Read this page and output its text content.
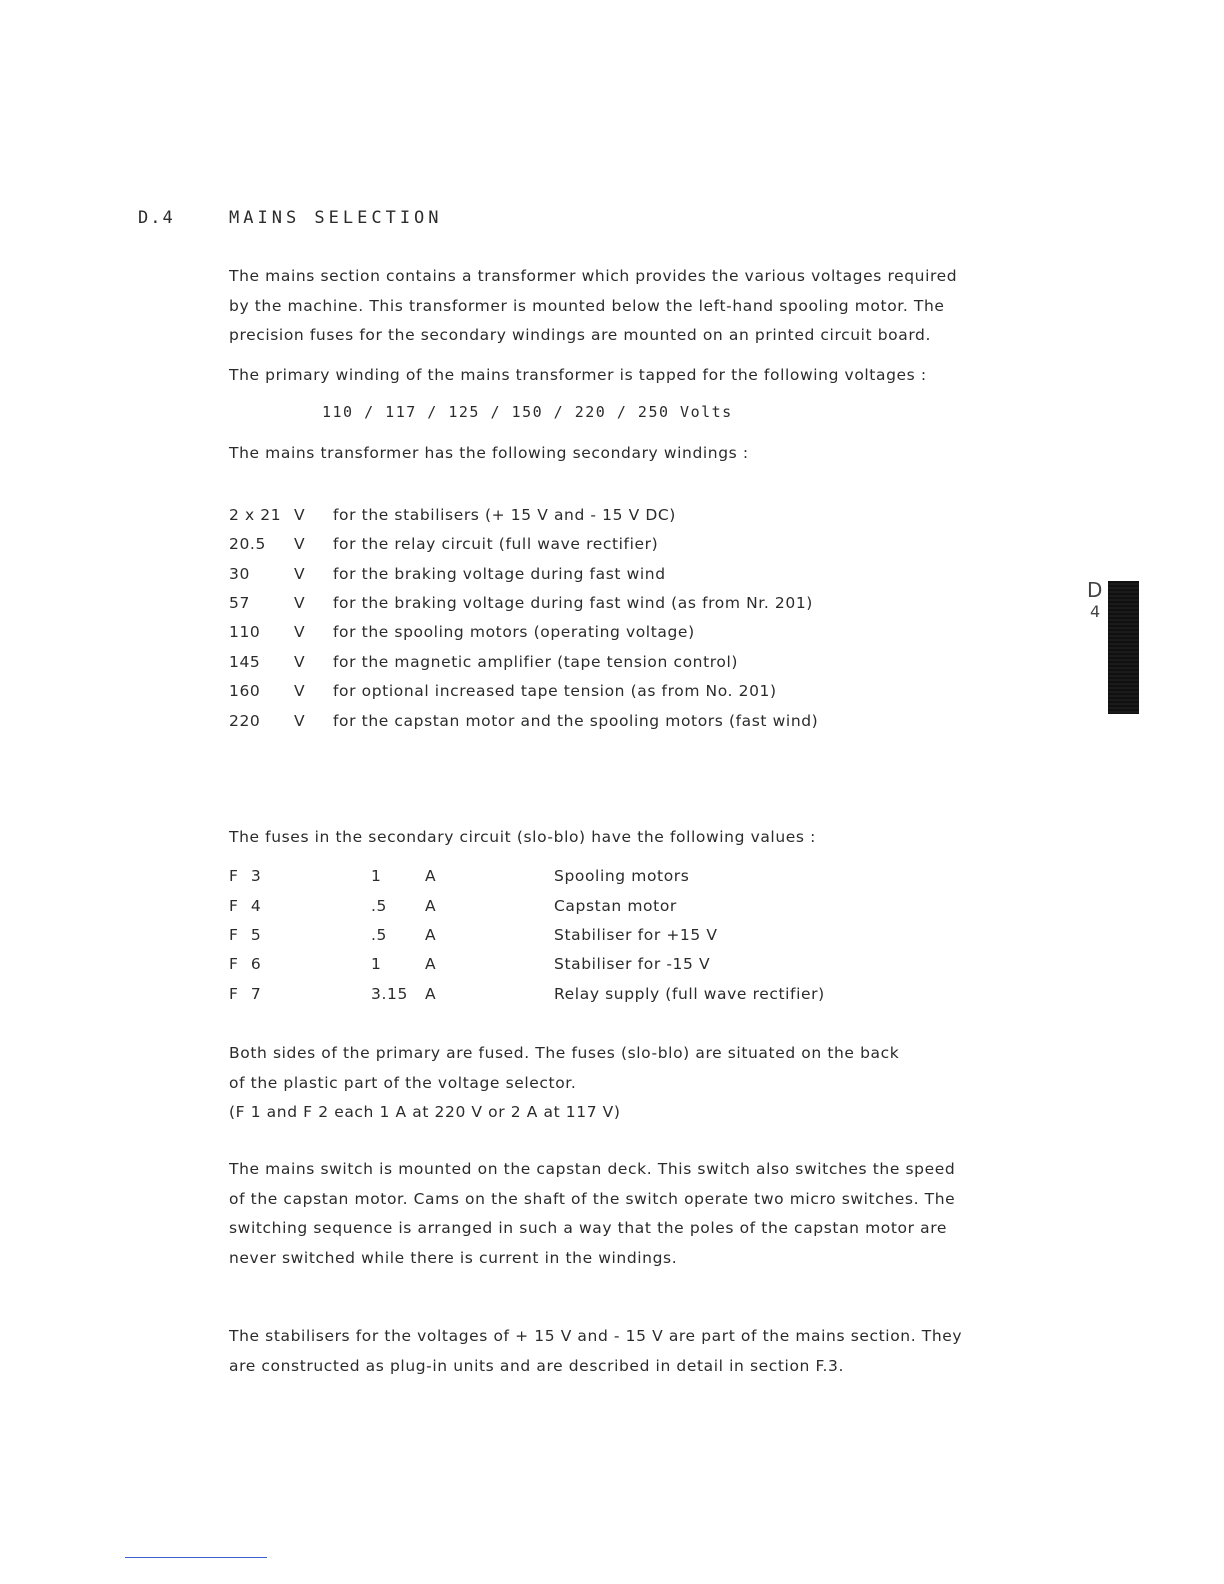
D.4	MAINS SELECTION
The mains section contains a transformer which provides the various voltages required
by the machine. This transformer is mounted below the left-hand spooling motor. The
precision fuses for the secondary windings are mounted on an printed circuit board.
The primary winding of the mains transformer is tapped for the following voltages :
110 / 117 / 125 / 150 / 220 / 250 Volts
The mains transformer has the following secondary windings :
2 x 21 V	for the stabilisers (+ 15 V and - 15 V DC)
20.5	V	for the relay circuit (full wave rectifier)
30	V	for the braking voltage during fast wind
57	V	for the braking voltage during fast wind (as from Nr. 201)
110	V	for the spooling motors (operating voltage)
145	V	for the magnetic amplifier (tape tension control)
160	V	for optional increased tape tension (as from No. 201)
220	V	for the capstan motor and the spooling motors (fast wind)
The fuses in the secondary circuit (slo-blo) have the following values :
F 3	1	A	Spooling motors
F 4	.5	A	Capstan motor
F 5	.5	A	Stabiliser for +15 V
F 6	1	A	Stabiliser for -15 V
F 7	3.15	A	Relay supply (full wave rectifier)
Both sides of the primary are fused. The fuses (slo-blo) are situated on the back
of the plastic part of the voltage selector.
(F 1 and F 2 each 1 A at 220 V or 2 A at 117 V)
The mains switch is mounted on the capstan deck. This switch also switches the speed
of the capstan motor. Cams on the shaft of the switch operate two micro switches. The
switching sequence is arranged in such a way that the poles of the capstan motor are
never switched while there is current in the windings.
The stabilisers for the voltages of + 15 V and - 15 V are part of the mains section. They
are constructed as plug-in units and are described in detail in section F.3.
D
4
